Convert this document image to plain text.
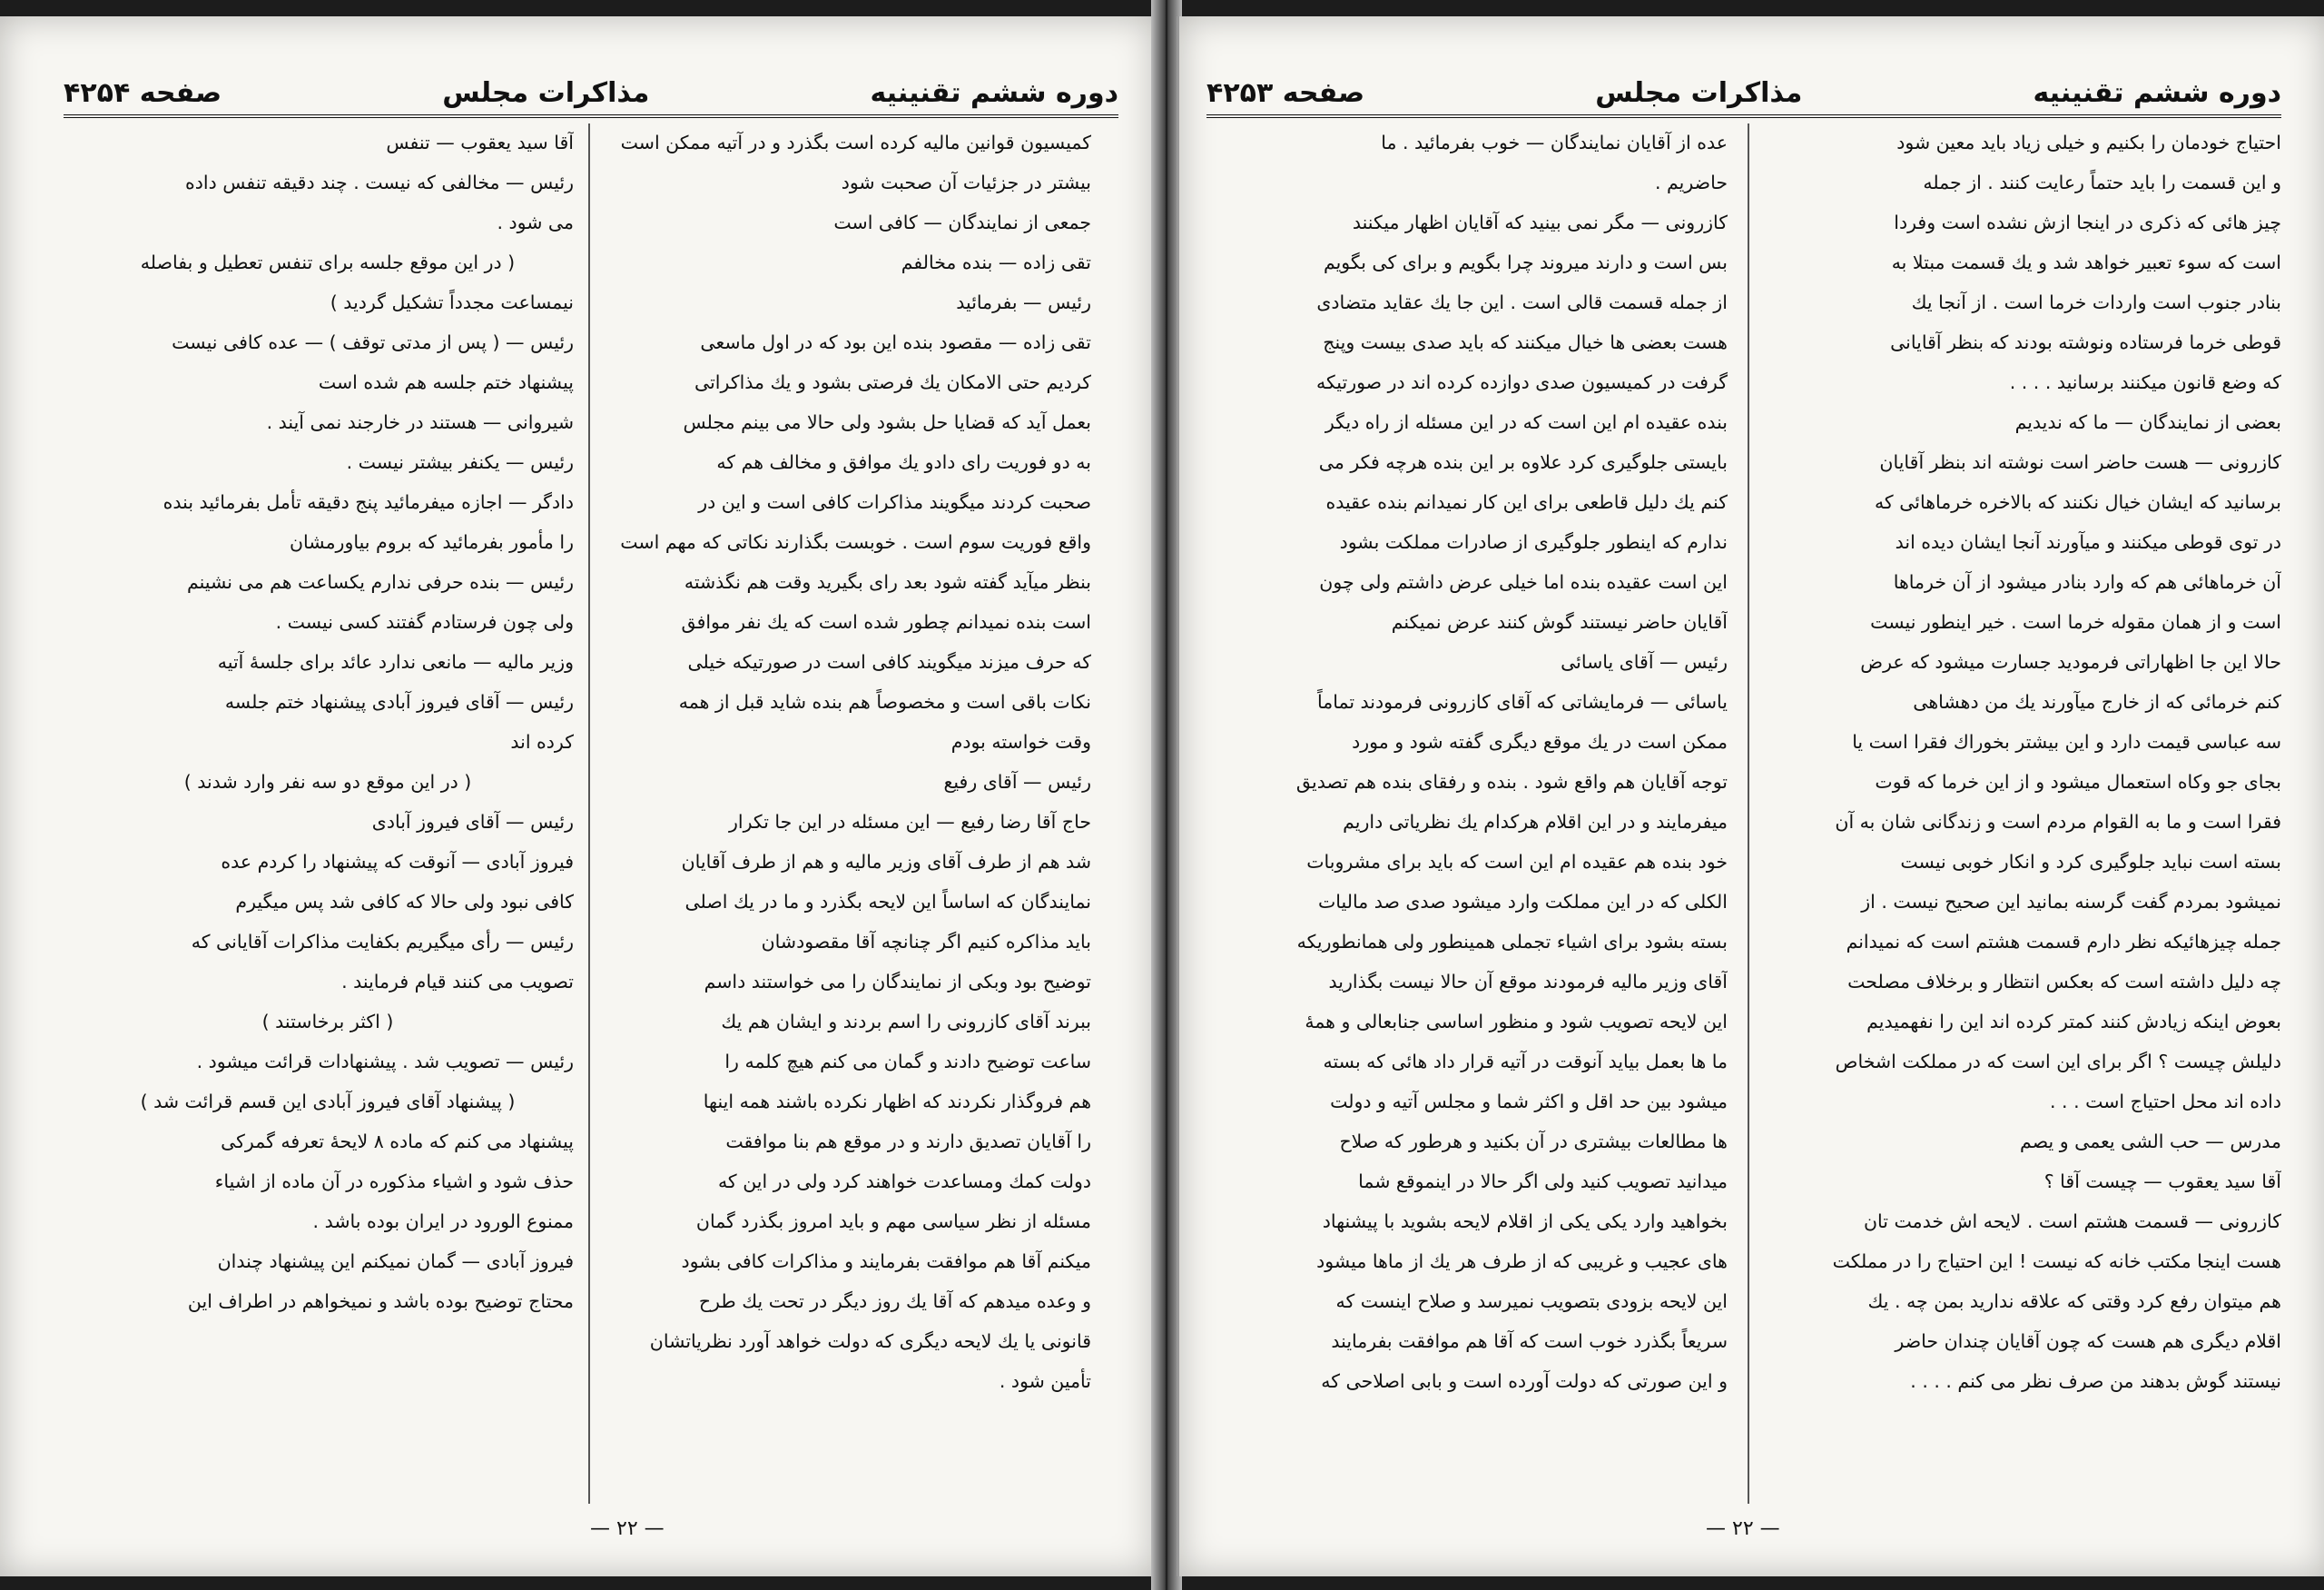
دوره ششم تقنینیه
مذاکرات مجلس
صفحه ۴۲۵۴

کمیسیون قوانین مالیه کرده است بگذرد و در آتیه ممکن است

بیشتر در جزئیات آن صحبت شود

جمعی از نمایندگان — کافی است

تقی زاده — بنده مخالفم

رئیس — بفرمائید

تقی زاده — مقصود بنده این بود که در اول ماسعی

کردیم حتی الامکان یك فرصتی بشود و یك مذاکراتی

بعمل آید که قضایا حل بشود ولی حالا می بینم مجلس

به دو فوریت رای دادو یك موافق و مخالف هم که

صحبت کردند میگویند مذاکرات کافی است و این در

واقع فوریت سوم است . خوبست بگذارند نکاتی که مهم است

بنظر میآید گفته شود بعد رای بگیرید وقت هم نگذشته

است بنده نمیدانم چطور شده است که یك نفر موافق

که حرف میزند میگویند کافی است در صورتیکه خیلی

نکات باقی است و مخصوصاً هم بنده شاید قبل از همه

وقت خواسته بودم

رئیس — آقای رفیع

حاج آقا رضا رفیع — این مسئله در این جا تکرار

شد هم از طرف آقای وزیر مالیه و هم از طرف آقایان

نمایندگان که اساساً این لایحه بگذرد و ما در یك اصلی

باید مذاکره کنیم اگر چنانچه آقا مقصودشان

توضیح بود وبکی از نمایندگان را می خواستند داسم

ببرند آقای کازرونی را اسم بردند و ایشان هم یك

ساعت توضیح دادند و گمان می کنم هیچ کلمه را

هم فروگذار نکردند که اظهار نکرده باشند همه اینها

را آقایان تصدیق دارند و در موقع هم بنا موافقت

دولت کمك ومساعدت خواهند کرد ولی در این که

مسئله از نظر سیاسی مهم و باید امروز بگذرد گمان

میکنم آقا هم موافقت بفرمایند و مذاکرات کافی بشود

و وعده میدهم که آقا یك روز دیگر در تحت یك طرح

قانونی یا یك لایحه دیگری که دولت خواهد آورد نظریاتشان

تأمین شود .

آقا سید یعقوب — تنفس

رئیس — مخالفی که نیست . چند دقیقه تنفس داده

می شود .

( در این موقع جلسه برای تنفس تعطیل و بفاصله

نیمساعت مجدداً تشکیل گردید )

رئیس — ( پس از مدتی توقف ) — عده کافی نیست

پیشنهاد ختم جلسه هم شده است

شیروانی — هستند در خارجند نمی آیند .

رئیس — یکنفر بیشتر نیست .

دادگر — اجازه میفرمائید پنج دقیقه تأمل بفرمائید بنده

را مأمور بفرمائید که بروم بیاورمشان

رئیس — بنده حرفی ندارم یکساعت هم می نشینم

ولی چون فرستادم گفتند کسی نیست .

وزیر مالیه — مانعی ندارد عائد برای جلسهٔ آتیه

رئیس — آقای فیروز آبادی پیشنهاد ختم جلسه

کرده اند

( در این موقع دو سه نفر وارد شدند )

رئیس — آقای فیروز آبادی

فیروز آبادی — آنوقت که پیشنهاد را کردم عده

کافی نبود ولی حالا که کافی شد پس میگیرم

رئیس — رأی میگیریم بکفایت مذاکرات آقایانی که

تصویب می کنند قیام فرمایند .

( اکثر برخاستند )

رئیس — تصویب شد . پیشنهادات قرائت میشود .

( پیشنهاد آقای فیروز آبادی این قسم قرائت شد )

پیشنهاد می کنم که ماده ۸ لایحهٔ تعرفه گمرکی

حذف شود و اشیاء مذکوره در آن ماده از اشیاء

ممنوع الورود در ایران بوده باشد .

فیروز آبادی — گمان نمیکنم این پیشنهاد چندان

محتاج توضیح بوده باشد و نمیخواهم در اطراف این

— ۲۲ —
دوره ششم تقنینیه
مذاکرات مجلس
صفحه ۴۲۵۳

احتیاج خودمان را بکنیم و خیلی زیاد باید معین شود

و این قسمت را باید حتماً رعایت کنند . از جمله

چیز هائی که ذکری در اینجا ازش نشده است وفردا

است که سوء تعبیر خواهد شد و یك قسمت مبتلا به

بنادر جنوب است واردات خرما است . از آنجا یك

قوطی خرما فرستاده ونوشته بودند که بنظر آقایانی

که وضع قانون میکنند برسانید . . . .

بعضی از نمایندگان — ما که ندیدیم

کازرونی — هست حاضر است نوشته اند بنظر آقایان

برسانید که ایشان خیال نکنند که بالاخره خرماهائی که

در توی قوطی میکنند و میآورند آنجا ایشان دیده اند

آن خرماهائی هم که وارد بنادر میشود از آن خرماها

است و از همان مقوله خرما است . خیر اینطور نیست

حالا این جا اظهاراتی فرمودید جسارت میشود که عرض

کنم خرمائی که از خارج میآورند یك من دهشاهی

سه عباسی قیمت دارد و این بیشتر بخوراك فقرا است یا

بجای جو وکاه استعمال میشود و از این خرما که قوت

فقرا است و ما به القوام مردم است و زندگانی شان به آن

بسته است نباید جلوگیری کرد و انکار خوبی نیست

نمیشود بمردم گفت گرسنه بمانید این صحیح نیست . از

جمله چیزهائیکه نظر دارم قسمت هشتم است که نمیدانم

چه دلیل داشته است که بعکس انتظار و برخلاف مصلحت

بعوض اینکه زیادش کنند کمتر کرده اند این را نفهمیدیم

دلیلش چیست ؟ اگر برای این است که در مملکت اشخاص

داده اند محل احتیاج است . . .

مدرس — حب الشی یعمی و یصم

آقا سید یعقوب — چیست آقا ؟

کازرونی — قسمت هشتم است . لایحه اش خدمت تان

هست اینجا مکتب خانه که نیست ! این احتیاج را در مملکت

هم میتوان رفع کرد وقتی که علاقه ندارید بمن چه . یك

اقلام دیگری هم هست که چون آقایان چندان حاضر

نیستند گوش بدهند من صرف نظر می کنم . . . .

عده از آقایان نمایندگان — خوب بفرمائید . ما

حاضریم .

کازرونی — مگر نمی بینید که آقایان اظهار میکنند

بس است و دارند میروند چرا بگویم و برای کی بگویم

از جمله قسمت قالی است . این جا یك عقاید متضادی

هست بعضی ها خیال میکنند که باید صدی بیست وپنج

گرفت در کمیسیون صدی دوازده کرده اند در صورتیکه

بنده عقیده ام این است که در این مسئله از راه دیگر

بایستی جلوگیری کرد علاوه بر این بنده هرچه فکر می

کنم یك دلیل قاطعی برای این کار نمیدانم بنده عقیده

ندارم که اینطور جلوگیری از صادرات مملکت بشود

این است عقیده بنده اما خیلی عرض داشتم ولی چون

آقایان حاضر نیستند گوش کنند عرض نمیکنم

رئیس — آقای یاسائی

یاسائی — فرمایشاتی که آقای کازرونی فرمودند تماماً

ممکن است در یك موقع دیگری گفته شود و مورد

توجه آقایان هم واقع شود . بنده و رفقای بنده هم تصدیق

میفرمایند و در این اقلام هرکدام یك نظریاتی داریم

خود بنده هم عقیده ام این است که باید برای مشروبات

الکلی که در این مملکت وارد میشود صدی صد مالیات

بسته بشود برای اشیاء تجملی همینطور ولی همانطوریکه

آقای وزیر مالیه فرمودند موقع آن حالا نیست بگذارید

این لایحه تصویب شود و منظور اساسی جنابعالی و همهٔ

ما ها بعمل بیاید آنوقت در آتیه قرار داد هائی که بسته

میشود بین حد اقل و اکثر شما و مجلس آتیه و دولت

ها مطالعات بیشتری در آن بکنید و هرطور که صلاح

میدانید تصویب کنید ولی اگر حالا در اینموقع شما

بخواهید وارد یکی یکی از اقلام لایحه بشوید با پیشنهاد

های عجیب و غریبی که از طرف هر یك از ماها میشود

این لایحه بزودی بتصویب نمیرسد و صلاح اینست که

سریعاً بگذرد خوب است که آقا هم موافقت بفرمایند

و این صورتی که دولت آورده است و بابی اصلاحی که

— ۲۲ —
